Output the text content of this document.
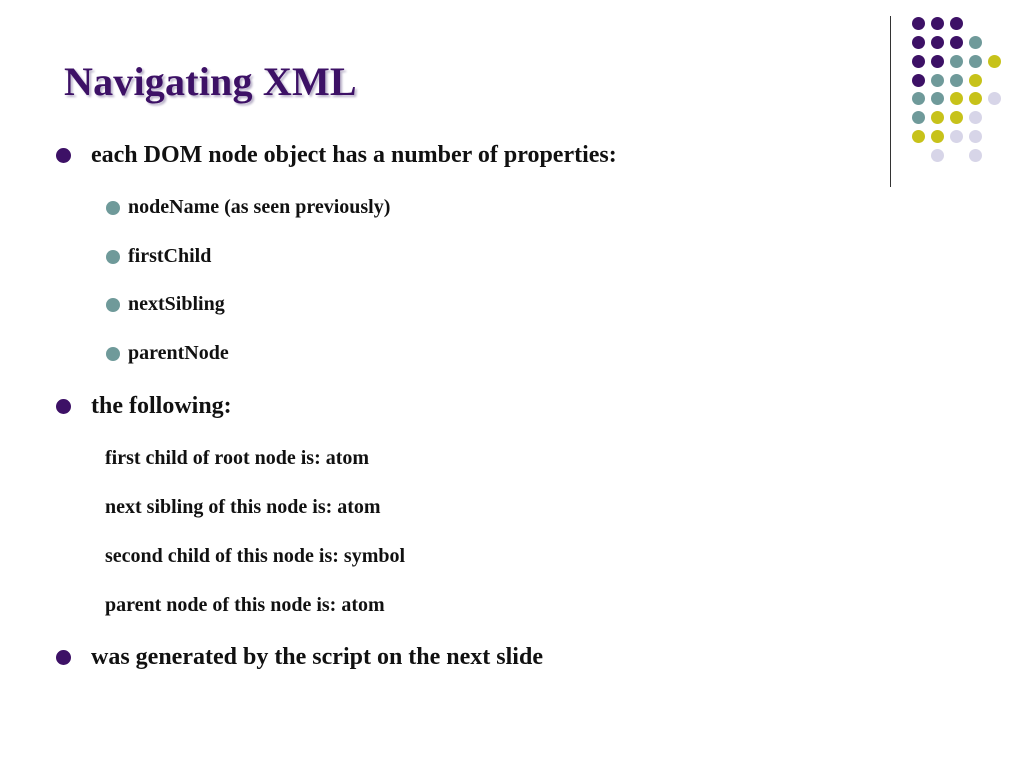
Navigating XML
each DOM node object has a number of properties:
nodeName (as seen previously)
firstChild
nextSibling
parentNode
the following:
first child of root node is: atom
next sibling of this node is: atom
second child of this node is: symbol
parent node of this node is: atom
was generated by the script on the next slide
